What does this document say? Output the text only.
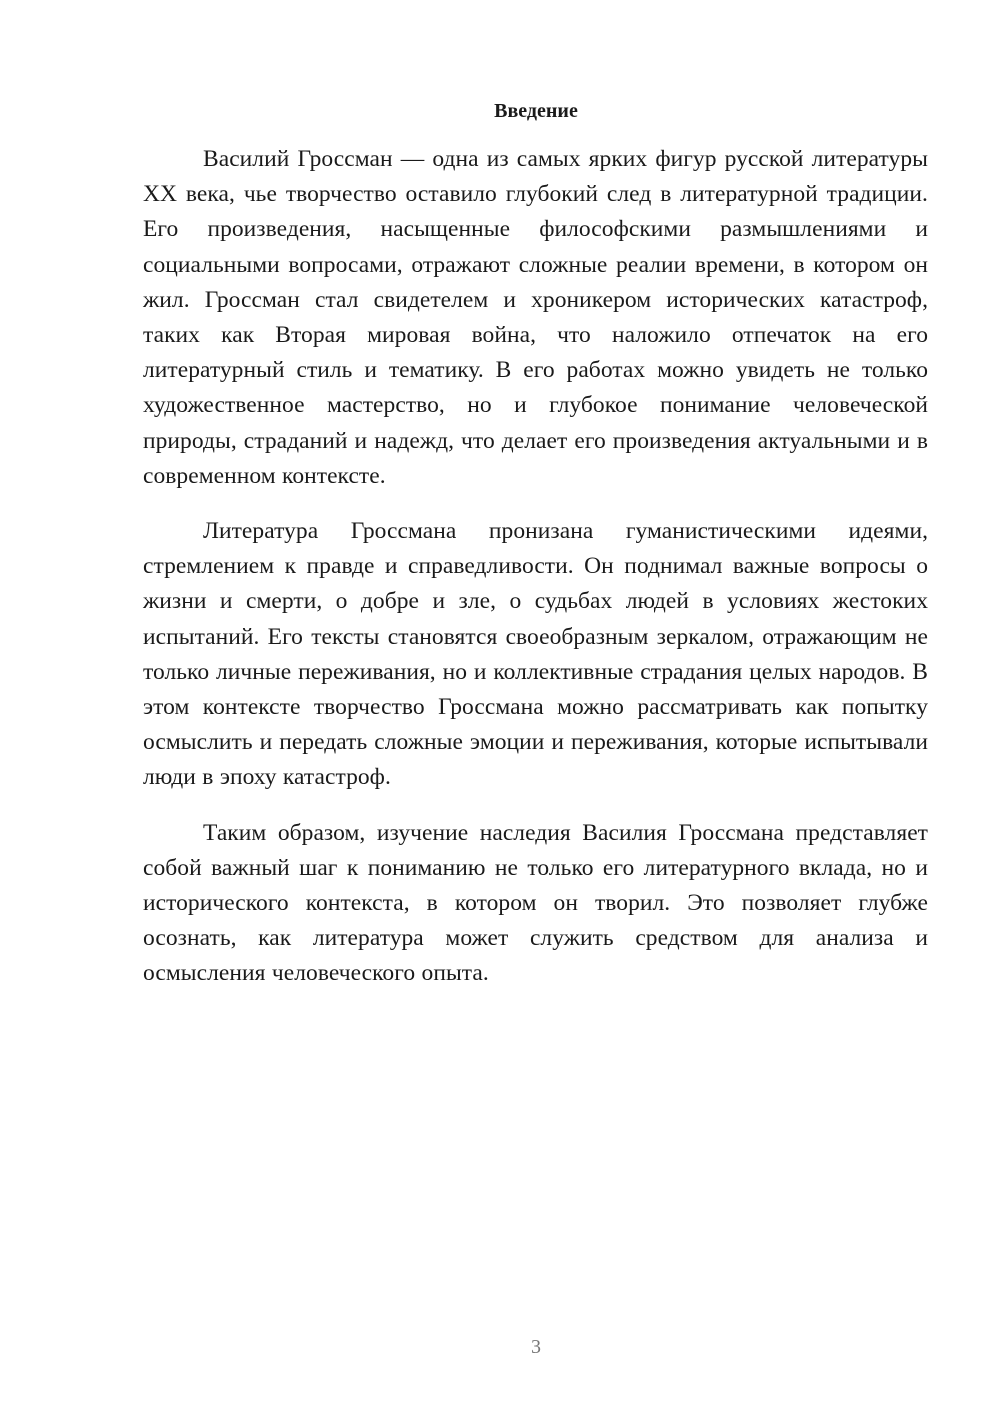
Введение

Василий Гроссман — одна из самых ярких фигур русской литературы XX века, чье творчество оставило глубокий след в литературной традиции. Его произведения, насыщенные философскими размышлениями и социальными вопросами, отражают сложные реалии времени, в котором он жил. Гроссман стал свидетелем и хроникером исторических катастроф, таких как Вторая мировая война, что наложило отпечаток на его литературный стиль и тематику. В его работах можно увидеть не только художественное мастерство, но и глубокое понимание человеческой природы, страданий и надежд, что делает его произведения актуальными и в современном контексте.

Литература Гроссмана пронизана гуманистическими идеями, стремлением к правде и справедливости. Он поднимал важные вопросы о жизни и смерти, о добре и зле, о судьбах людей в условиях жестоких испытаний. Его тексты становятся своеобразным зеркалом, отражающим не только личные переживания, но и коллективные страдания целых народов. В этом контексте творчество Гроссмана можно рассматривать как попытку осмыслить и передать сложные эмоции и переживания, которые испытывали люди в эпоху катастроф.

Таким образом, изучение наследия Василия Гроссмана представляет собой важный шаг к пониманию не только его литературного вклада, но и исторического контекста, в котором он творил. Это позволяет глубже осознать, как литература может служить средством для анализа и осмысления человеческого опыта.

3
